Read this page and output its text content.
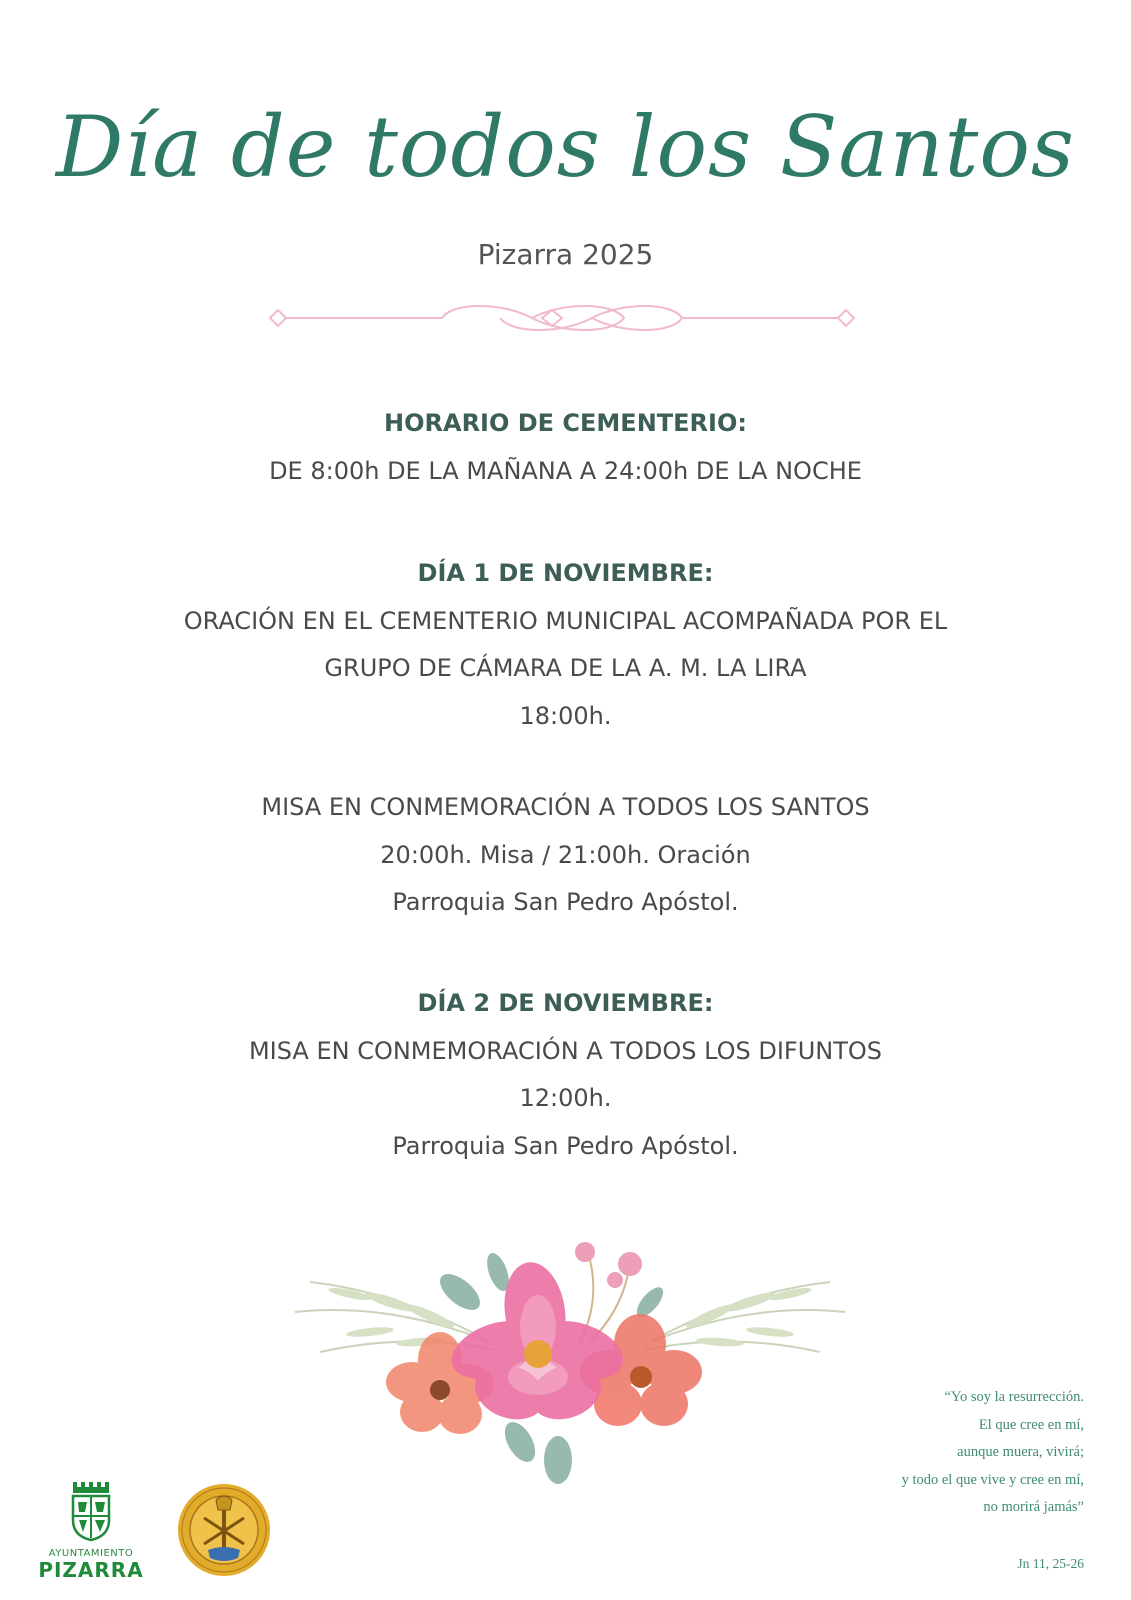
Día de todos los Santos
Pizarra 2025
HORARIO DE CEMENTERIO:
DE 8:00h DE LA MAÑANA A 24:00h DE LA NOCHE
DÍA 1 DE NOVIEMBRE:
ORACIÓN EN EL CEMENTERIO MUNICIPAL ACOMPAÑADA POR EL
GRUPO DE CÁMARA DE LA A. M. LA LIRA
18:00h.
MISA EN CONMEMORACIÓN A TODOS LOS SANTOS
20:00h. Misa / 21:00h. Oración
Parroquia San Pedro Apóstol.
DÍA 2 DE NOVIEMBRE:
MISA EN CONMEMORACIÓN A TODOS LOS DIFUNTOS
12:00h.
Parroquia San Pedro Apóstol.
“Yo soy la resurrección.
El que cree en mí,
aunque muera, vivirá;
y todo el que vive y cree en mí,
no morirá jamás”
Jn 11, 25-26
AYUNTAMIENTO
PIZARRA
